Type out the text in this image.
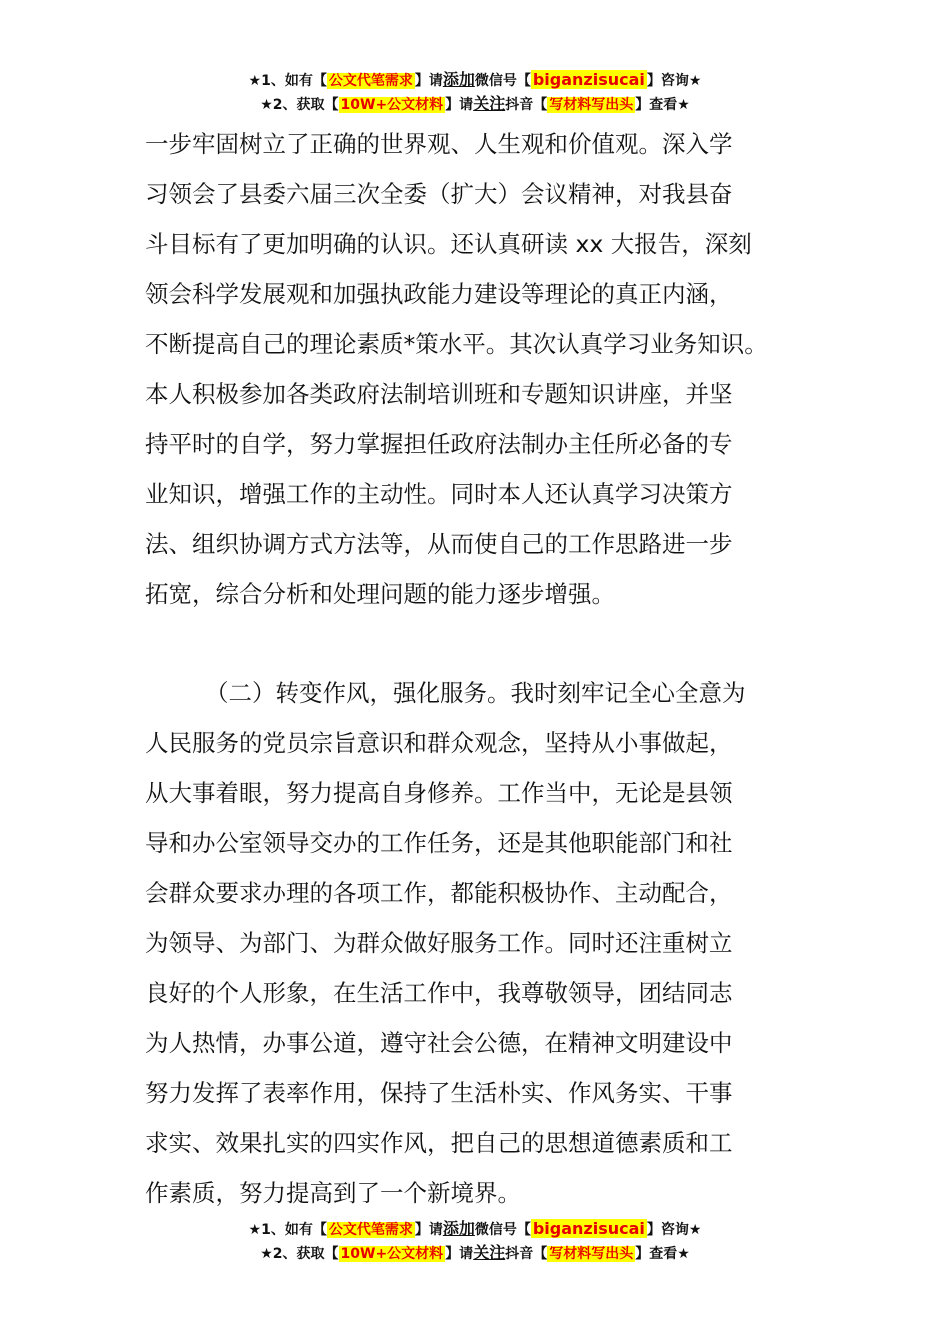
★1、如有【 公文代笔需求 】请添加微信号【 biganzisucai 】咨询★
★2、获取【 10W+公文材料 】请关注抖音【 写材料写出头 】查看★
一步牢固树立了正确的世界观、人生观和价值观。深入学
习领会了县委六届三次全委（扩大）会议精神，对我县奋
斗目标有了更加明确的认识。还认真研读 xx 大报告，深刻
领会科学发展观和加强执政能力建设等理论的真正内涵，
不断提高自己的理论素质*策水平。其次认真学习业务知识。
本人积极参加各类政府法制培训班和专题知识讲座，并坚
持平时的自学，努力掌握担任政府法制办主任所必备的专
业知识，增强工作的主动性。同时本人还认真学习决策方
法、组织协调方式方法等，从而使自己的工作思路进一步
拓宽，综合分析和处理问题的能力逐步增强。
（二）转变作风，强化服务。我时刻牢记全心全意为
人民服务的党员宗旨意识和群众观念，坚持从小事做起，
从大事着眼，努力提高自身修养。工作当中，无论是县领
导和办公室领导交办的工作任务，还是其他职能部门和社
会群众要求办理的各项工作，都能积极协作、主动配合，
为领导、为部门、为群众做好服务工作。同时还注重树立
良好的个人形象，在生活工作中，我尊敬领导，团结同志
为人热情，办事公道，遵守社会公德，在精神文明建设中
努力发挥了表率作用，保持了生活朴实、作风务实、干事
求实、效果扎实的四实作风，把自己的思想道德素质和工
作素质，努力提高到了一个新境界。
★1、如有【 公文代笔需求 】请添加微信号【 biganzisucai 】咨询★
★2、获取【 10W+公文材料 】请关注抖音【 写材料写出头 】查看★
